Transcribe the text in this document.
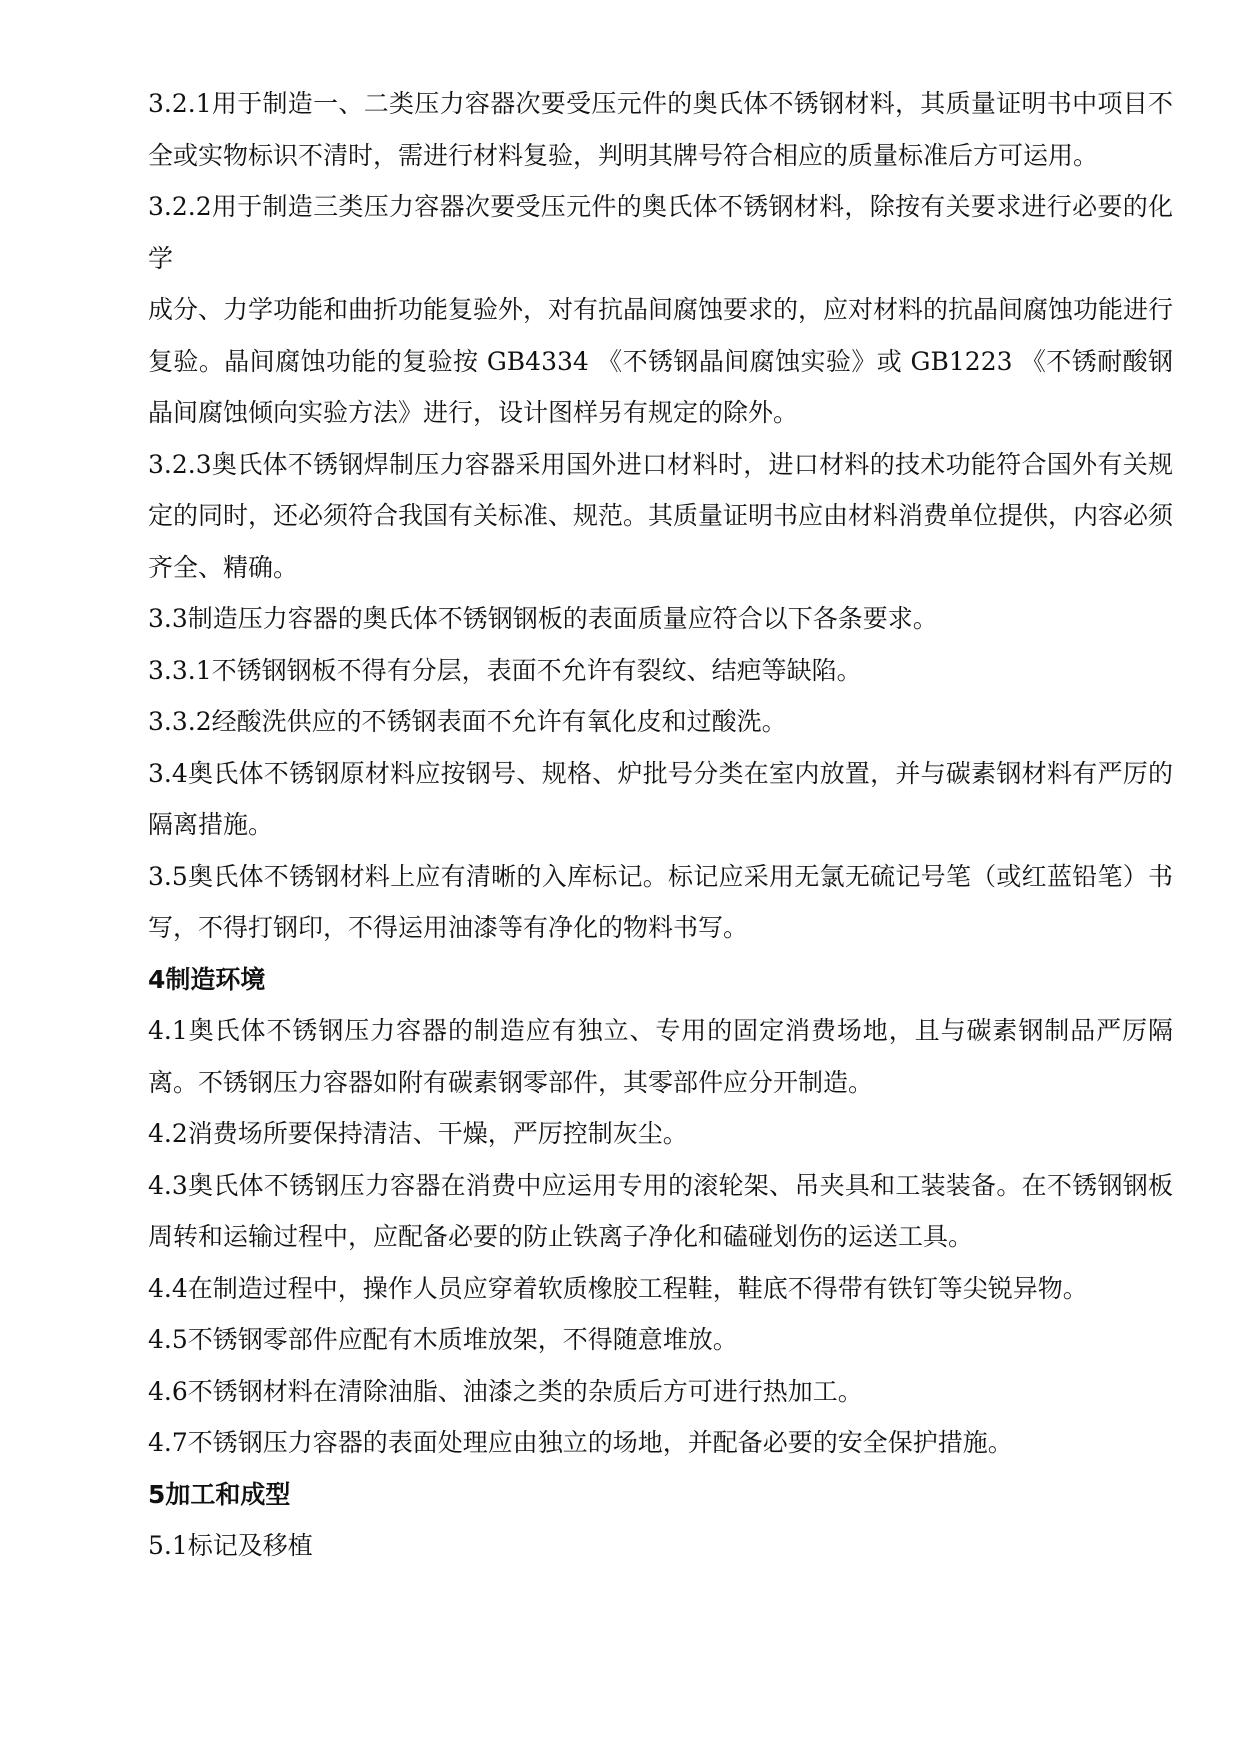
3.2.1用于制造一、二类压力容器次要受压元件的奥氏体不锈钢材料，其质量证明书中项目不全或实物标识不清时，需进行材料复验，判明其牌号符合相应的质量标准后方可运用。

3.2.2用于制造三类压力容器次要受压元件的奥氏体不锈钢材料，除按有关要求进行必要的化学

成分、力学功能和曲折功能复验外，对有抗晶间腐蚀要求的，应对材料的抗晶间腐蚀功能进行复验。晶间腐蚀功能的复验按 GB4334 《不锈钢晶间腐蚀实验》或 GB1223 《不锈耐酸钢晶间腐蚀倾向实验方法》进行，设计图样另有规定的除外。

3.2.3奥氏体不锈钢焊制压力容器采用国外进口材料时，进口材料的技术功能符合国外有关规定的同时，还必须符合我国有关标准、规范。其质量证明书应由材料消费单位提供，内容必须齐全、精确。

3.3制造压力容器的奥氏体不锈钢钢板的表面质量应符合以下各条要求。

3.3.1不锈钢钢板不得有分层，表面不允许有裂纹、结疤等缺陷。

3.3.2经酸洗供应的不锈钢表面不允许有氧化皮和过酸洗。

3.4奥氏体不锈钢原材料应按钢号、规格、炉批号分类在室内放置，并与碳素钢材料有严厉的隔离措施。

3.5奥氏体不锈钢材料上应有清晰的入库标记。标记应采用无氯无硫记号笔（或红蓝铅笔）书写，不得打钢印，不得运用油漆等有净化的物料书写。

4制造环境

4.1奥氏体不锈钢压力容器的制造应有独立、专用的固定消费场地，且与碳素钢制品严厉隔离。不锈钢压力容器如附有碳素钢零部件，其零部件应分开制造。

4.2消费场所要保持清洁、干燥，严厉控制灰尘。

4.3奥氏体不锈钢压力容器在消费中应运用专用的滚轮架、吊夹具和工装装备。在不锈钢钢板周转和运输过程中，应配备必要的防止铁离子净化和磕碰划伤的运送工具。

4.4在制造过程中，操作人员应穿着软质橡胶工程鞋，鞋底不得带有铁钉等尖锐异物。

4.5不锈钢零部件应配有木质堆放架，不得随意堆放。

4.6不锈钢材料在清除油脂、油漆之类的杂质后方可进行热加工。

4.7不锈钢压力容器的表面处理应由独立的场地，并配备必要的安全保护措施。

5加工和成型

5.1标记及移植
